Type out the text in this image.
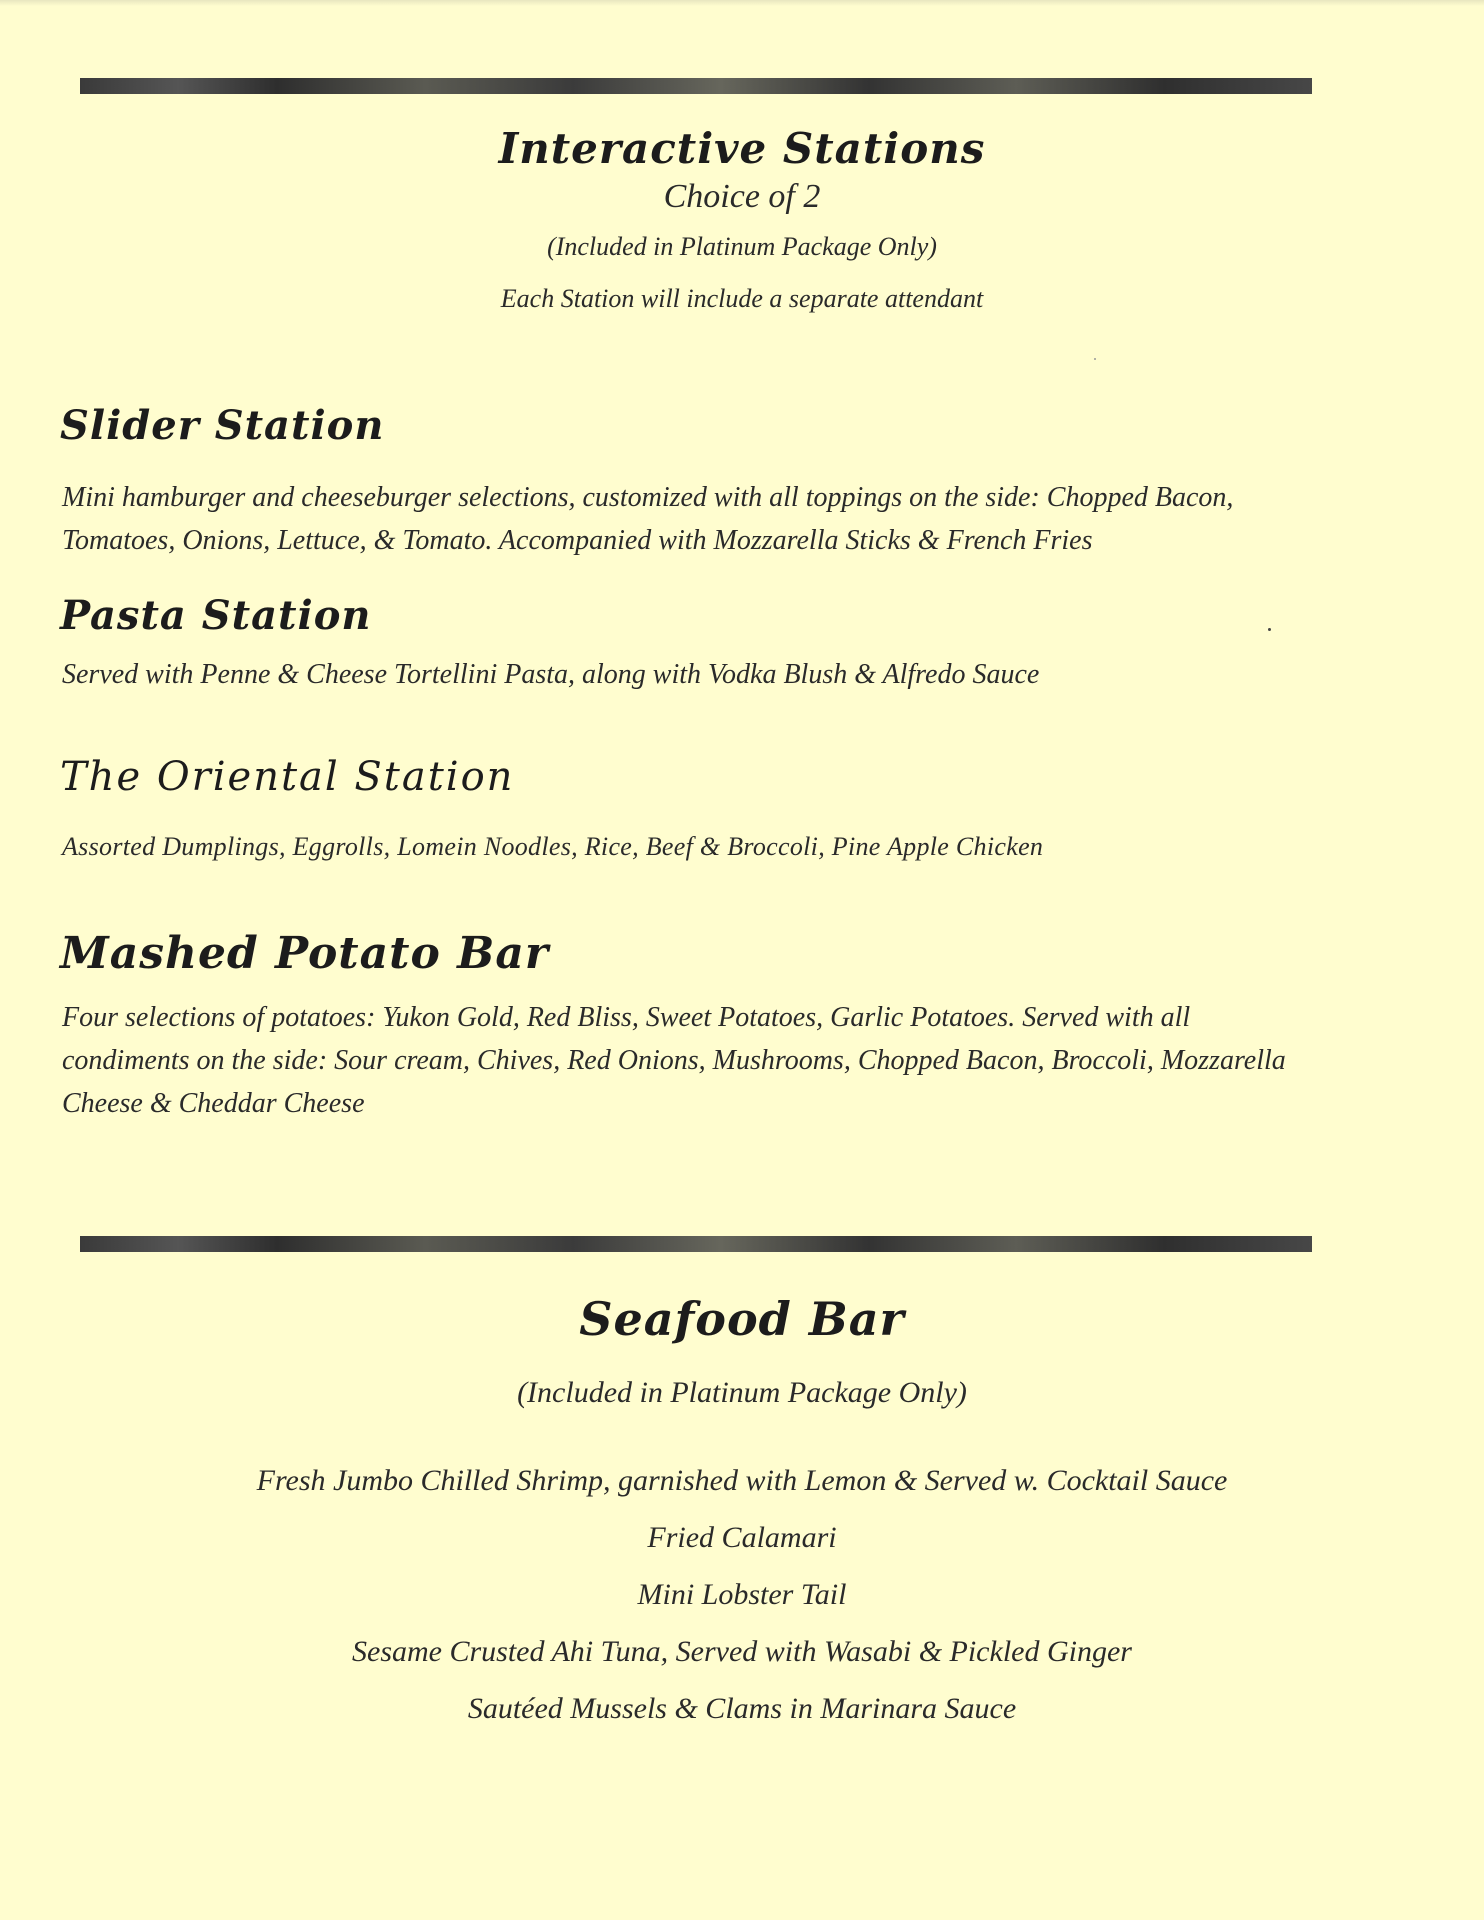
Interactive Stations
Choice of 2
(Included in Platinum Package Only)
Each Station will include a separate attendant
Slider Station
Mini hamburger and cheeseburger selections, customized with all toppings on the side: Chopped Bacon, Tomatoes, Onions, Lettuce, & Tomato. Accompanied with Mozzarella Sticks & French Fries
Pasta Station
Served with Penne & Cheese Tortellini Pasta, along with Vodka Blush & Alfredo Sauce
The Oriental Station
Assorted Dumplings, Eggrolls, Lomein Noodles, Rice, Beef & Broccoli, Pine Apple Chicken
Mashed Potato Bar
Four selections of potatoes: Yukon Gold, Red Bliss, Sweet Potatoes, Garlic Potatoes. Served with all condiments on the side: Sour cream, Chives, Red Onions, Mushrooms, Chopped Bacon, Broccoli, Mozzarella Cheese & Cheddar Cheese
Seafood Bar
(Included in Platinum Package Only)
Fresh Jumbo Chilled Shrimp, garnished with Lemon & Served w. Cocktail Sauce
Fried Calamari
Mini Lobster Tail
Sesame Crusted Ahi Tuna, Served with Wasabi & Pickled Ginger
Sautéed Mussels & Clams in Marinara Sauce
